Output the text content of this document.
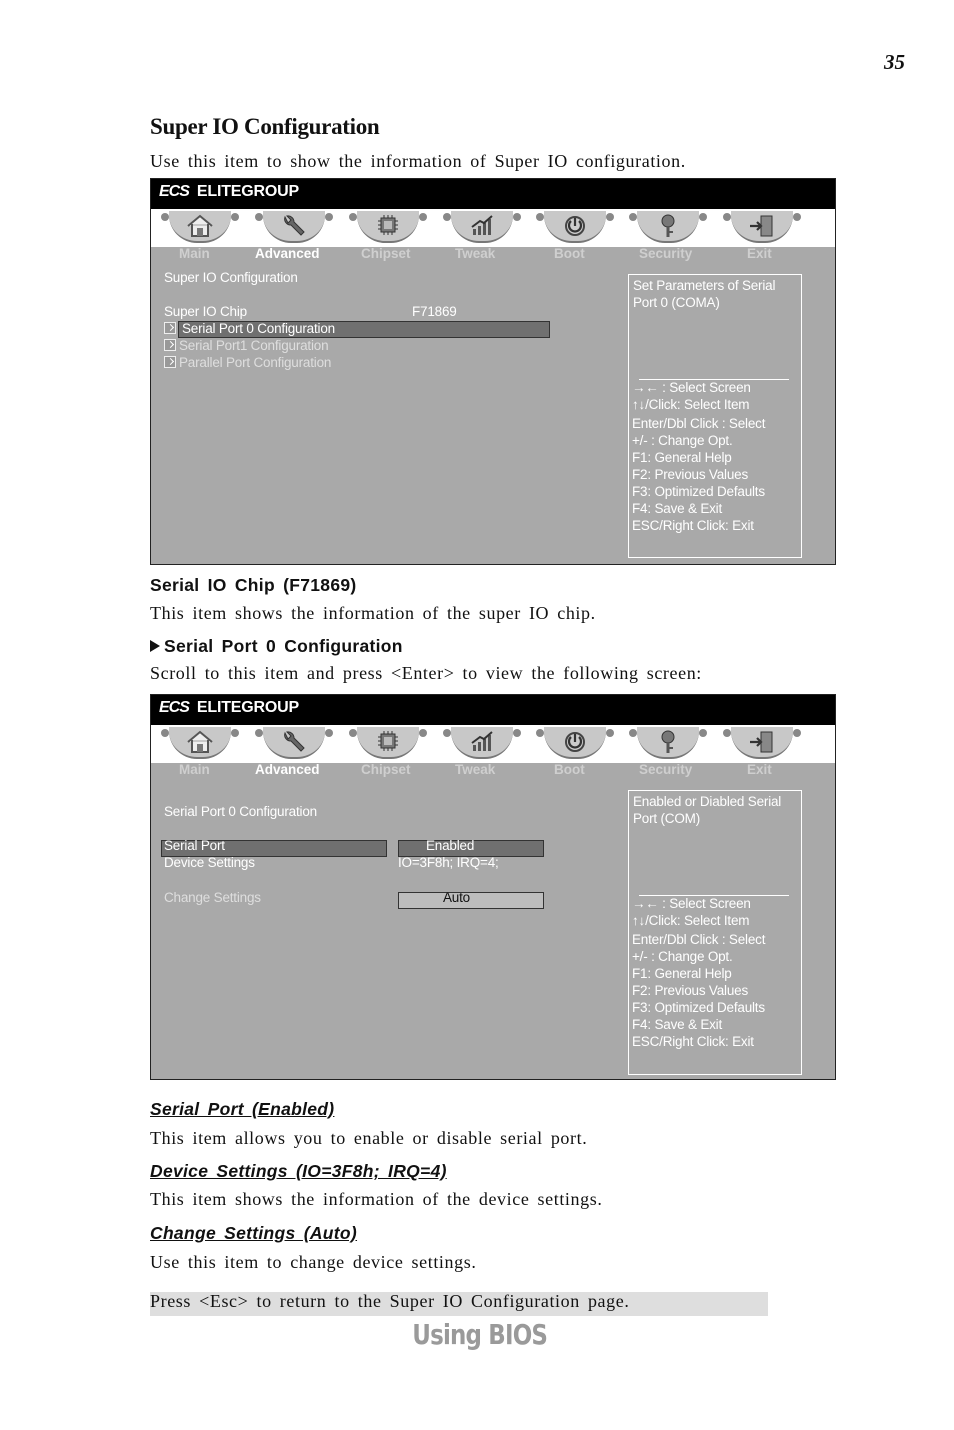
35
Super IO Configuration
Use this item to show the information of Super IO configuration.
ECS ELITEGROUP
Main	Advanced	Chipset	Tweak	Boot	Security	Exit
Super IO Configuration
Super IO Chip	F71869
Serial Port 0 Configuration
Serial Port1 Configuration
Parallel Port Configuration
Set Parameters of Serial
Port 0 (COMA)
→← : Select Screen
↑↓/Click: Select Item
Enter/Dbl Click : Select
+/- : Change Opt.
F1: General Help
F2: Previous Values
F3: Optimized Defaults
F4: Save & Exit
ESC/Right Click: Exit
Serial IO Chip (F71869)
This item shows the information of the super IO chip.
Serial Port 0 Configuration
Scroll to this item and press <Enter> to view the following screen:
ECS ELITEGROUP
Main	Advanced	Chipset	Tweak	Boot	Security	Exit
Serial Port 0 Configuration
Serial Port	Enabled
Device Settings	IO=3F8h; IRQ=4;
Change Settings	Auto
Enabled or Diabled Serial
Port (COM)
→← : Select Screen
↑↓/Click: Select Item
Enter/Dbl Click : Select
+/- : Change Opt.
F1: General Help
F2: Previous Values
F3: Optimized Defaults
F4: Save & Exit
ESC/Right Click: Exit
Serial Port (Enabled)
This item allows you to enable or disable serial port.
Device Settings (IO=3F8h; IRQ=4)
This item shows the information of the device settings.
Change Settings (Auto)
Use this item to change device settings.
Press <Esc> to return to the Super IO Configuration page.
Using BIOS
